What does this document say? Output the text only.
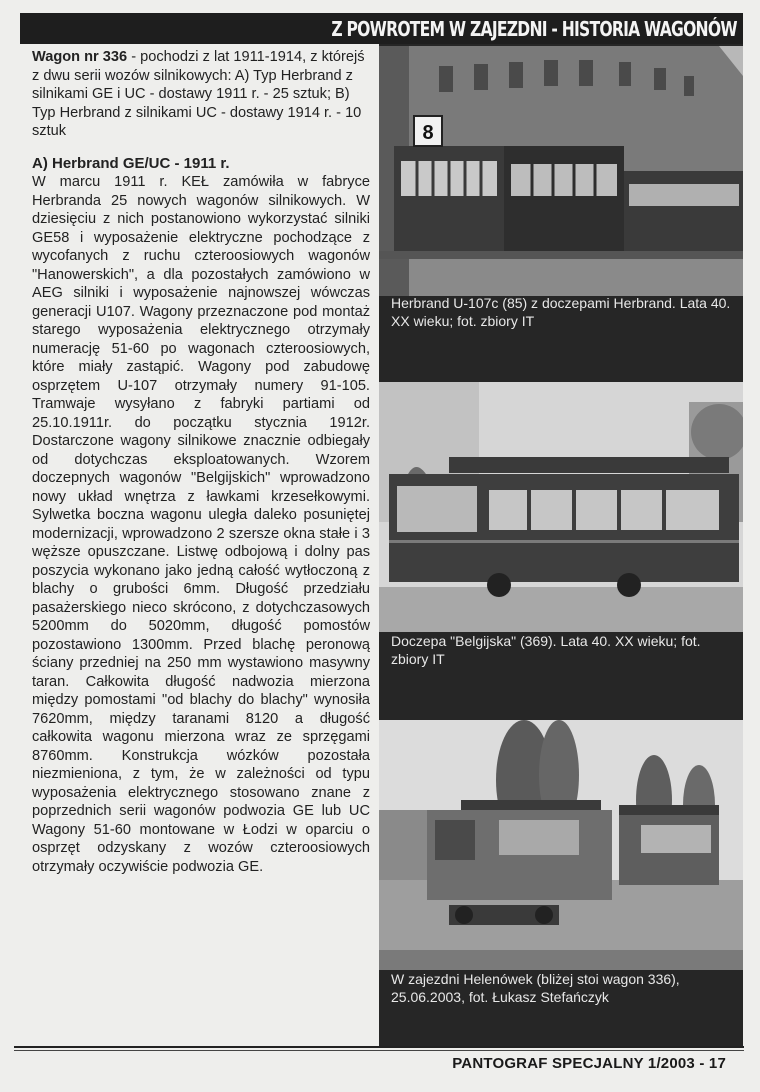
Z POWROTEM W ZAJEZDNI - HISTORIA WAGONÓW

Wagon nr 336 - pochodzi z lat 1911-1914, z którejś z dwu serii wozów silnikowych: A) Typ Herbrand z silnikami GE i UC - dostawy 1911 r. - 25 sztuk; B) Typ Herbrand z silnikami UC - dostawy 1914 r. - 10 sztuk

A) Herbrand GE/UC - 1911 r.

W marcu 1911 r. KEŁ zamówiła w fabryce Herbranda 25 nowych wagonów silnikowych. W dziesięciu z nich postanowiono wykorzystać silniki GE58 i wyposażenie elektryczne pochodzące z wycofanych z ruchu czteroosiowych wagonów "Hanowerskich", a dla pozostałych zamówiono w AEG silniki i wyposażenie najnowszej wówczas generacji U107. Wagony przeznaczone pod montaż starego wyposażenia elektrycznego otrzymały numerację 51-60 po wagonach czteroosiowych, które miały zastąpić. Wagony pod zabudowę osprzętem U-107 otrzymały numery 91-105. Tramwaje wysyłano z fabryki partiami od 25.10.1911r. do początku stycznia 1912r. Dostarczone wagony silnikowe znacznie odbiegały od dotychczas eksploatowanych. Wzorem doczepnych wagonów "Belgijskich" wprowadzono nowy układ wnętrza z ławkami krzesełkowymi. Sylwetka boczna wagonu uległa daleko posuniętej modernizacji, wprowadzono 2 szersze okna stałe i 3 węższe opuszczane. Listwę odbojową i dolny pas poszycia wykonano jako jedną całość wytłoczoną z blachy o grubości 6mm. Długość przedziału pasażerskiego nieco skrócono, z dotychczasowych 5200mm do 5020mm, długość pomostów pozostawiono 1300mm. Przed blachę peronową ściany przedniej na 250 mm wystawiono masywny taran. Całkowita długość nadwozia mierzona między pomostami "od blachy do blachy" wynosiła 7620mm, między taranami 8120 a długość całkowita wagonu mierzona wraz ze sprzęgami 8760mm. Konstrukcja wózków pozostała niezmieniona, z tym, że w zależności od typu wyposażenia elektrycznego stosowano znane z poprzednich serii wagonów podwozia GE lub UC Wagony 51-60 montowane w Łodzi w oparciu o osprzęt odzyskany z wozów czteroosiowych otrzymały oczywiście podwozia GE.

8
Herbrand U-107c (85) z doczepami Herbrand. Lata 40. XX wieku; fot. zbiory IT
Doczepa "Belgijska" (369). Lata 40. XX wieku; fot. zbiory IT
W zajezdni Helenówek (bliżej stoi wagon 336), 25.06.2003, fot. Łukasz Stefańczyk
PANTOGRAF SPECJALNY 1/2003 - 17
